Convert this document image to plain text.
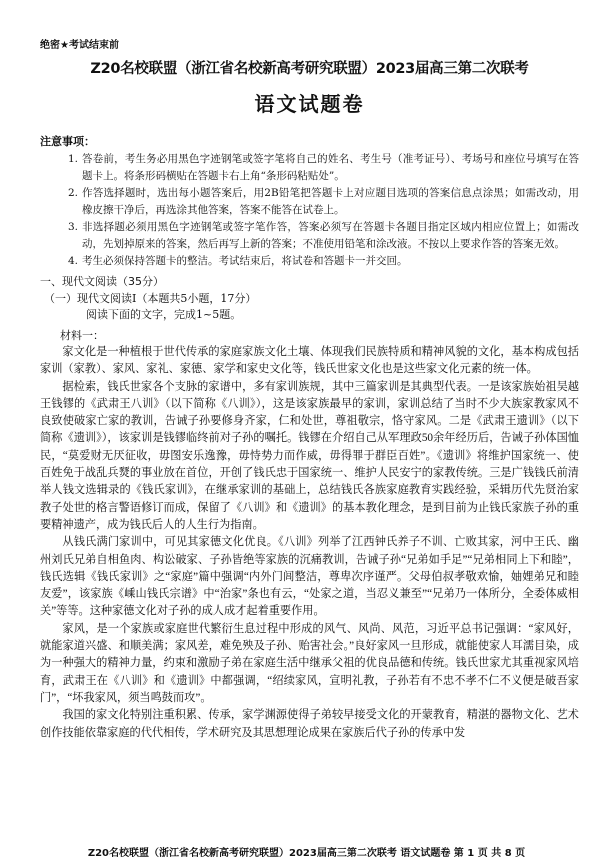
绝密★考试结束前
Z20名校联盟（浙江省名校新高考研究联盟）2023届高三第二次联考
语文试题卷
注意事项：
1. 答卷前，考生务必用黑色字迹钢笔或签字笔将自己的姓名、考生号（准考证号）、考场号和座位号填写在答题卡上。将条形码横贴在答题卡右上角“条形码粘贴处”。
2. 作答选择题时，选出每小题答案后，用2B铅笔把答题卡上对应题目选项的答案信息点涂黑；如需改动，用橡皮擦干净后，再选涂其他答案，答案不能答在试卷上。
3. 非选择题必须用黑色字迹钢笔或签字笔作答，答案必须写在答题卡各题目指定区域内相应位置上；如需改动，先划掉原来的答案，然后再写上新的答案；不准使用铅笔和涂改液。不按以上要求作答的答案无效。
4. 考生必须保持答题卡的整洁。考试结束后，将试卷和答题卡一并交回。
一、现代文阅读（35分）
（一）现代文阅读Ⅰ（本题共5小题，17分）
阅读下面的文字，完成1~5题。
材料一：

家文化是一种植根于世代传承的家庭家族文化土壤、体现我们民族特质和精神风貌的文化，基本构成包括家训（家教）、家风、家礼、家德、家学和家史文化等，钱氏世家文化也是这些家文化元素的统一体。

据检索，钱氏世家各个支脉的家谱中，多有家训族规，其中三篇家训是其典型代表。一是该家族始祖吴越王钱镠的《武肃王八训》（以下简称《八训》），这是该家族最早的家训，家训总结了当时不少大族家教家风不良致使破家亡家的教训，告诫子孙要修身齐家，仁和处世，尊祖敬宗，恪守家风。二是《武肃王遗训》（以下简称《遗训》），该家训是钱镠临终前对子孙的嘱托。钱镠在介绍自己从军理政50余年经历后，告诫子孙体国恤民，“莫爱财无厌征收，毋图安乐逸豫，毋恃势力而作威，毋得罪于群臣百姓”。《遗训》将维护国家统一、使百姓免于战乱兵燹的事业放在首位，开创了钱氏忠于国家统一、维护人民安宁的家教传统。三是广钱钱氏前清举人钱文选辑录的《钱氏家训》，在继承家训的基础上，总结钱氏各族家庭教育实践经验，采辑历代先贤治家教子处世的格言警语修订而成，保留了《八训》和《遗训》的基本教化理念，是到目前为止钱氏家族子孙的重要精神遗产，成为钱氏后人的人生行为指南。

从钱氏满门家训中，可见其家德文化优良。《八训》列举了江西钟氏养子不训、亡败其家，河中王氏、幽州刘氏兄弟自相鱼肉、构讼破家、子孙皆绝等家族的沉痛教训，告诫子孙“兄弟如手足”“兄弟相同上下和睦”，钱氏选辑《钱氏家训》之“家庭”篇中强调“内外门闾整洁，尊卑次序谨严。父母伯叔孝敬欢愉，妯娌弟兄和睦友爱”，该家族《嵊山钱氏宗谱》中“治家”条也有云，“处家之道，当忍义兼至”“兄弟乃一体所分，全委体威相关”等等。这种家德文化对子孙的成人成才起着重要作用。

家风，是一个家族或家庭世代繁衍生息过程中形成的风气、风尚、风范，习近平总书记强调：“家风好，就能家道兴盛、和顺美满；家风差，难免殃及子孙、贻害社会。”良好家风一旦形成，就能使家人耳濡目染，成为一种强大的精神力量，约束和激励子弟在家庭生活中继承父祖的优良品德和传统。钱氏世家尤其重视家风培育，武肃王在《八训》和《遗训》中都强调，“绍续家风，宣明礼教，子孙若有不忠不孝不仁不义便是破吾家门”，“坏我家风，须当鸣鼓而攻”。

我国的家文化特别注重积累、传承，家学渊源使得子弟较早接受文化的开蒙教育，精湛的器物文化、艺术创作技能依靠家庭的代代相传，学术研究及其思想理论成果在家族后代子孙的传承中发

Z20名校联盟（浙江省名校新高考研究联盟）2023届高三第二次联考 语文试题卷 第 1 页 共 8 页
